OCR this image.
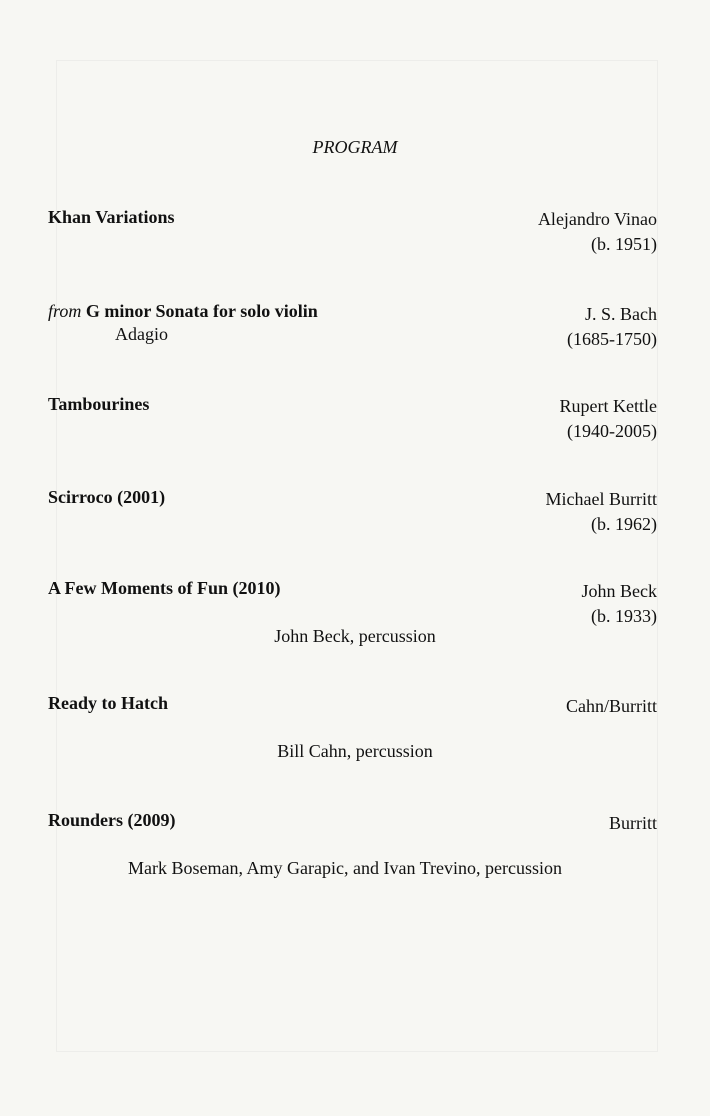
PROGRAM
Khan Variations	Alejandro Vinao
(b. 1951)
from G minor Sonata for solo violin
Adagio
J. S. Bach
(1685-1750)
Tambourines	Rupert Kettle
(1940-2005)
Scirroco (2001)	Michael Burritt
(b. 1962)
A Few Moments of Fun (2010)	John Beck
(b. 1933)
John Beck, percussion
Ready to Hatch	Cahn/Burritt
Bill Cahn, percussion
Rounders (2009)	Burritt
Mark Boseman, Amy Garapic, and Ivan Trevino, percussion
